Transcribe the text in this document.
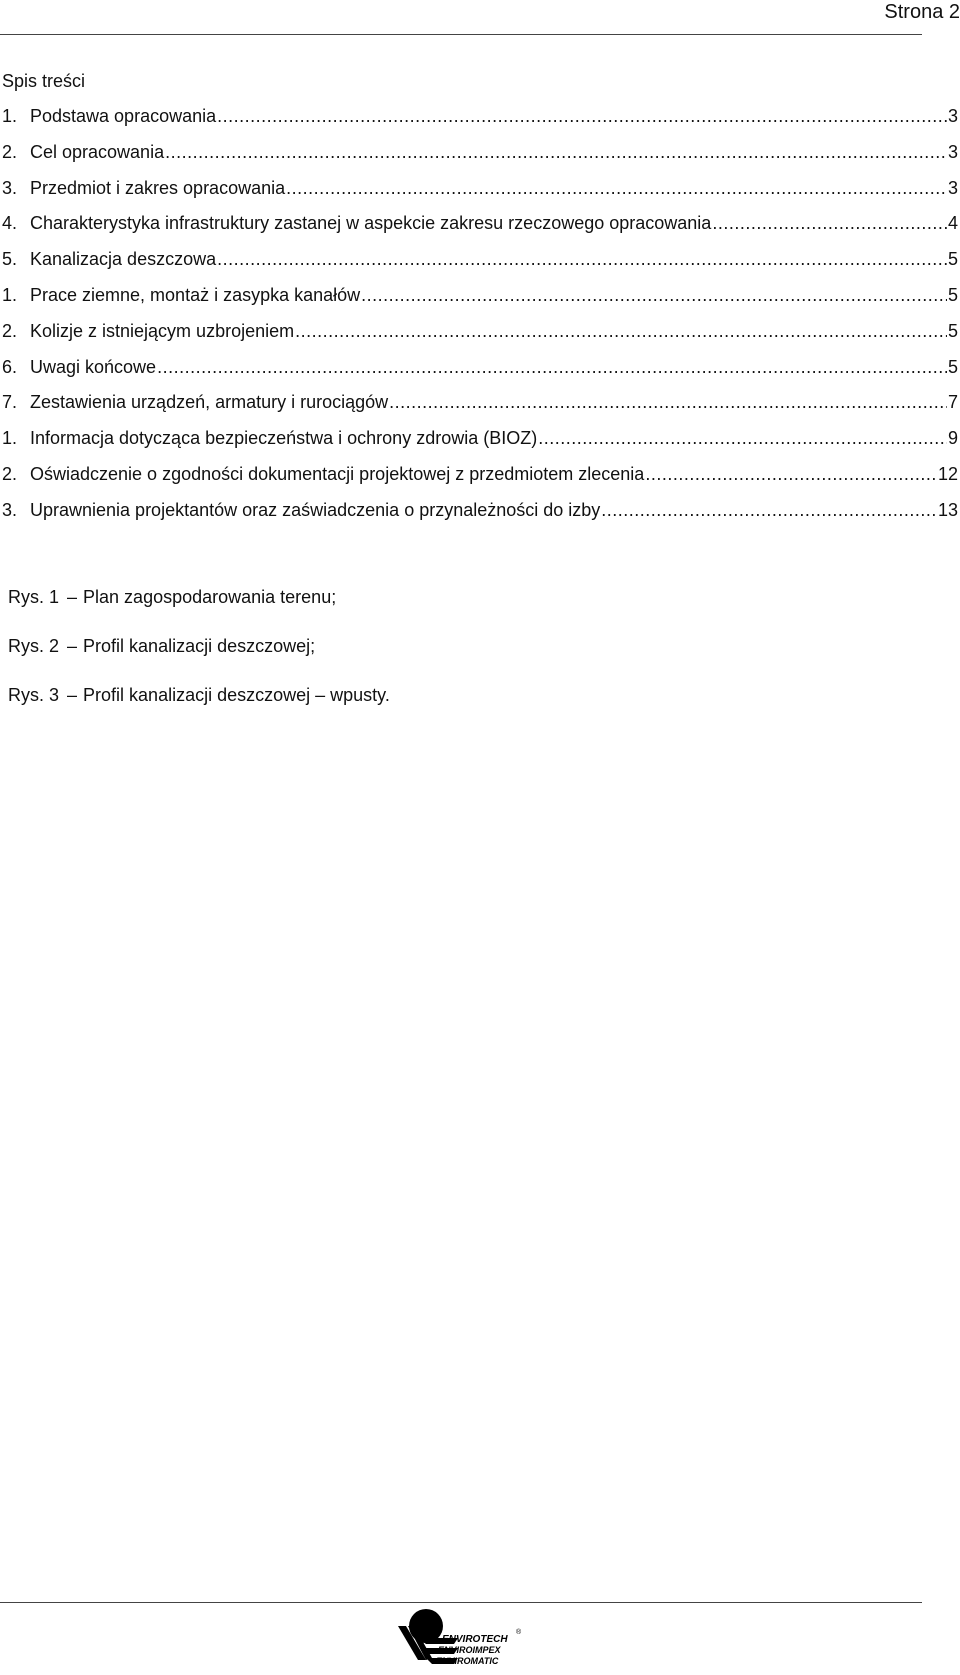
Strona 2
Spis treści
1. Podstawa opracowania .....	3
2. Cel opracowania .....	3
3. Przedmiot i zakres opracowania .....	3
4. Charakterystyka infrastruktury zastanej w aspekcie zakresu rzeczowego opracowania .....	4
5. Kanalizacja deszczowa .....	5
1. Prace ziemne, montaż i zasypka kanałów .....	5
2. Kolizje z istniejącym uzbrojeniem .....	5
6. Uwagi końcowe .....	5
7. Zestawienia urządzeń, armatury i rurociągów .....	7
1. Informacja dotycząca bezpieczeństwa i ochrony zdrowia (BIOZ) .....	9
2. Oświadczenie o zgodności dokumentacji projektowej z przedmiotem zlecenia .....	12
3. Uprawnienia projektantów oraz zaświadczenia o przynależności do izby .....	13
Rys. 1 – Plan zagospodarowania terenu;
Rys. 2 – Profil kanalizacji deszczowej;
Rys. 3 – Profil kanalizacji deszczowej – wpusty.
ENVIROTECH
ENVIROIMPEX
ENVIROMATIC
®
